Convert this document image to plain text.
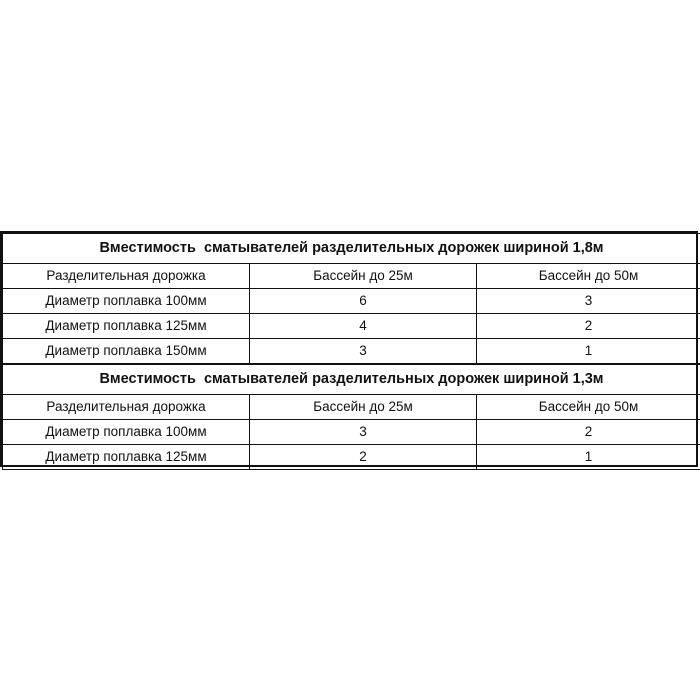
Вместимость  сматывателей разделительных дорожек шириной 1,8м		
Разделительная дорожка	Бассейн до 25м	Бассейн до 50м
Диаметр поплавка 100мм	6	3
Диаметр поплавка 125мм	4	2
Диаметр поплавка 150мм	3	1
Вместимость  сматывателей разделительных дорожек шириной 1,3м		
Разделительная дорожка	Бассейн до 25м	Бассейн до 50м
Диаметр поплавка 100мм	3	2
Диаметр поплавка 125мм	2	1
